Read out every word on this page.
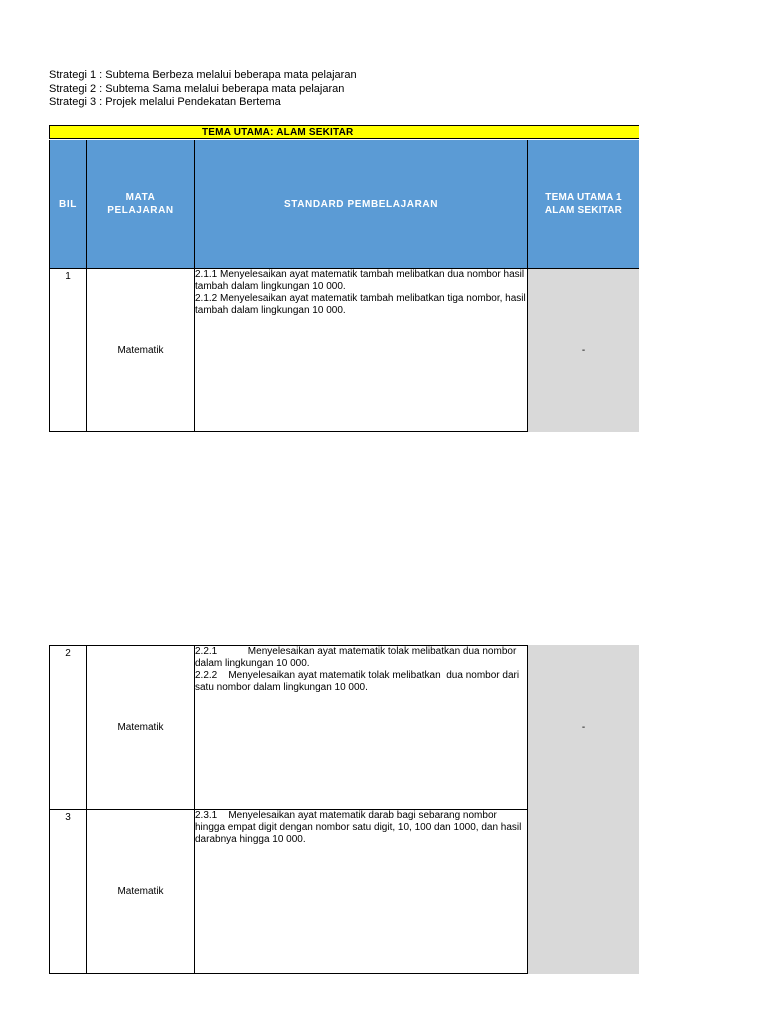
Strategi 1 : Subtema Berbeza melalui beberapa mata pelajaran
Strategi 2 : Subtema Sama melalui beberapa mata pelajaran
Strategi 3 : Projek melalui Pendekatan Bertema
TEMA UTAMA: ALAM SEKITAR
BIL
MATA
PELAJARAN
STANDARD PEMBELAJARAN
TEMA UTAMA 1
ALAM SEKITAR
1
Matematik

2.1.1 Menyelesaikan ayat matematik tambah melibatkan dua nombor hasil tambah dalam lingkungan 10 000.

2.1.2 Menyelesaikan ayat matematik tambah melibatkan tiga nombor, hasil tambah dalam lingkungan 10 000.

-
2
Matematik

2.2.1           Menyelesaikan ayat matematik tolak melibatkan dua nombor dalam lingkungan 10 000.

2.2.2    Menyelesaikan ayat matematik tolak melibatkan  dua nombor dari satu nombor dalam lingkungan 10 000.

-
3
Matematik

2.3.1    Menyelesaikan ayat matematik darab bagi sebarang nombor hingga empat digit dengan nombor satu digit, 10, 100 dan 1000, dan hasil darabnya hingga 10 000.
